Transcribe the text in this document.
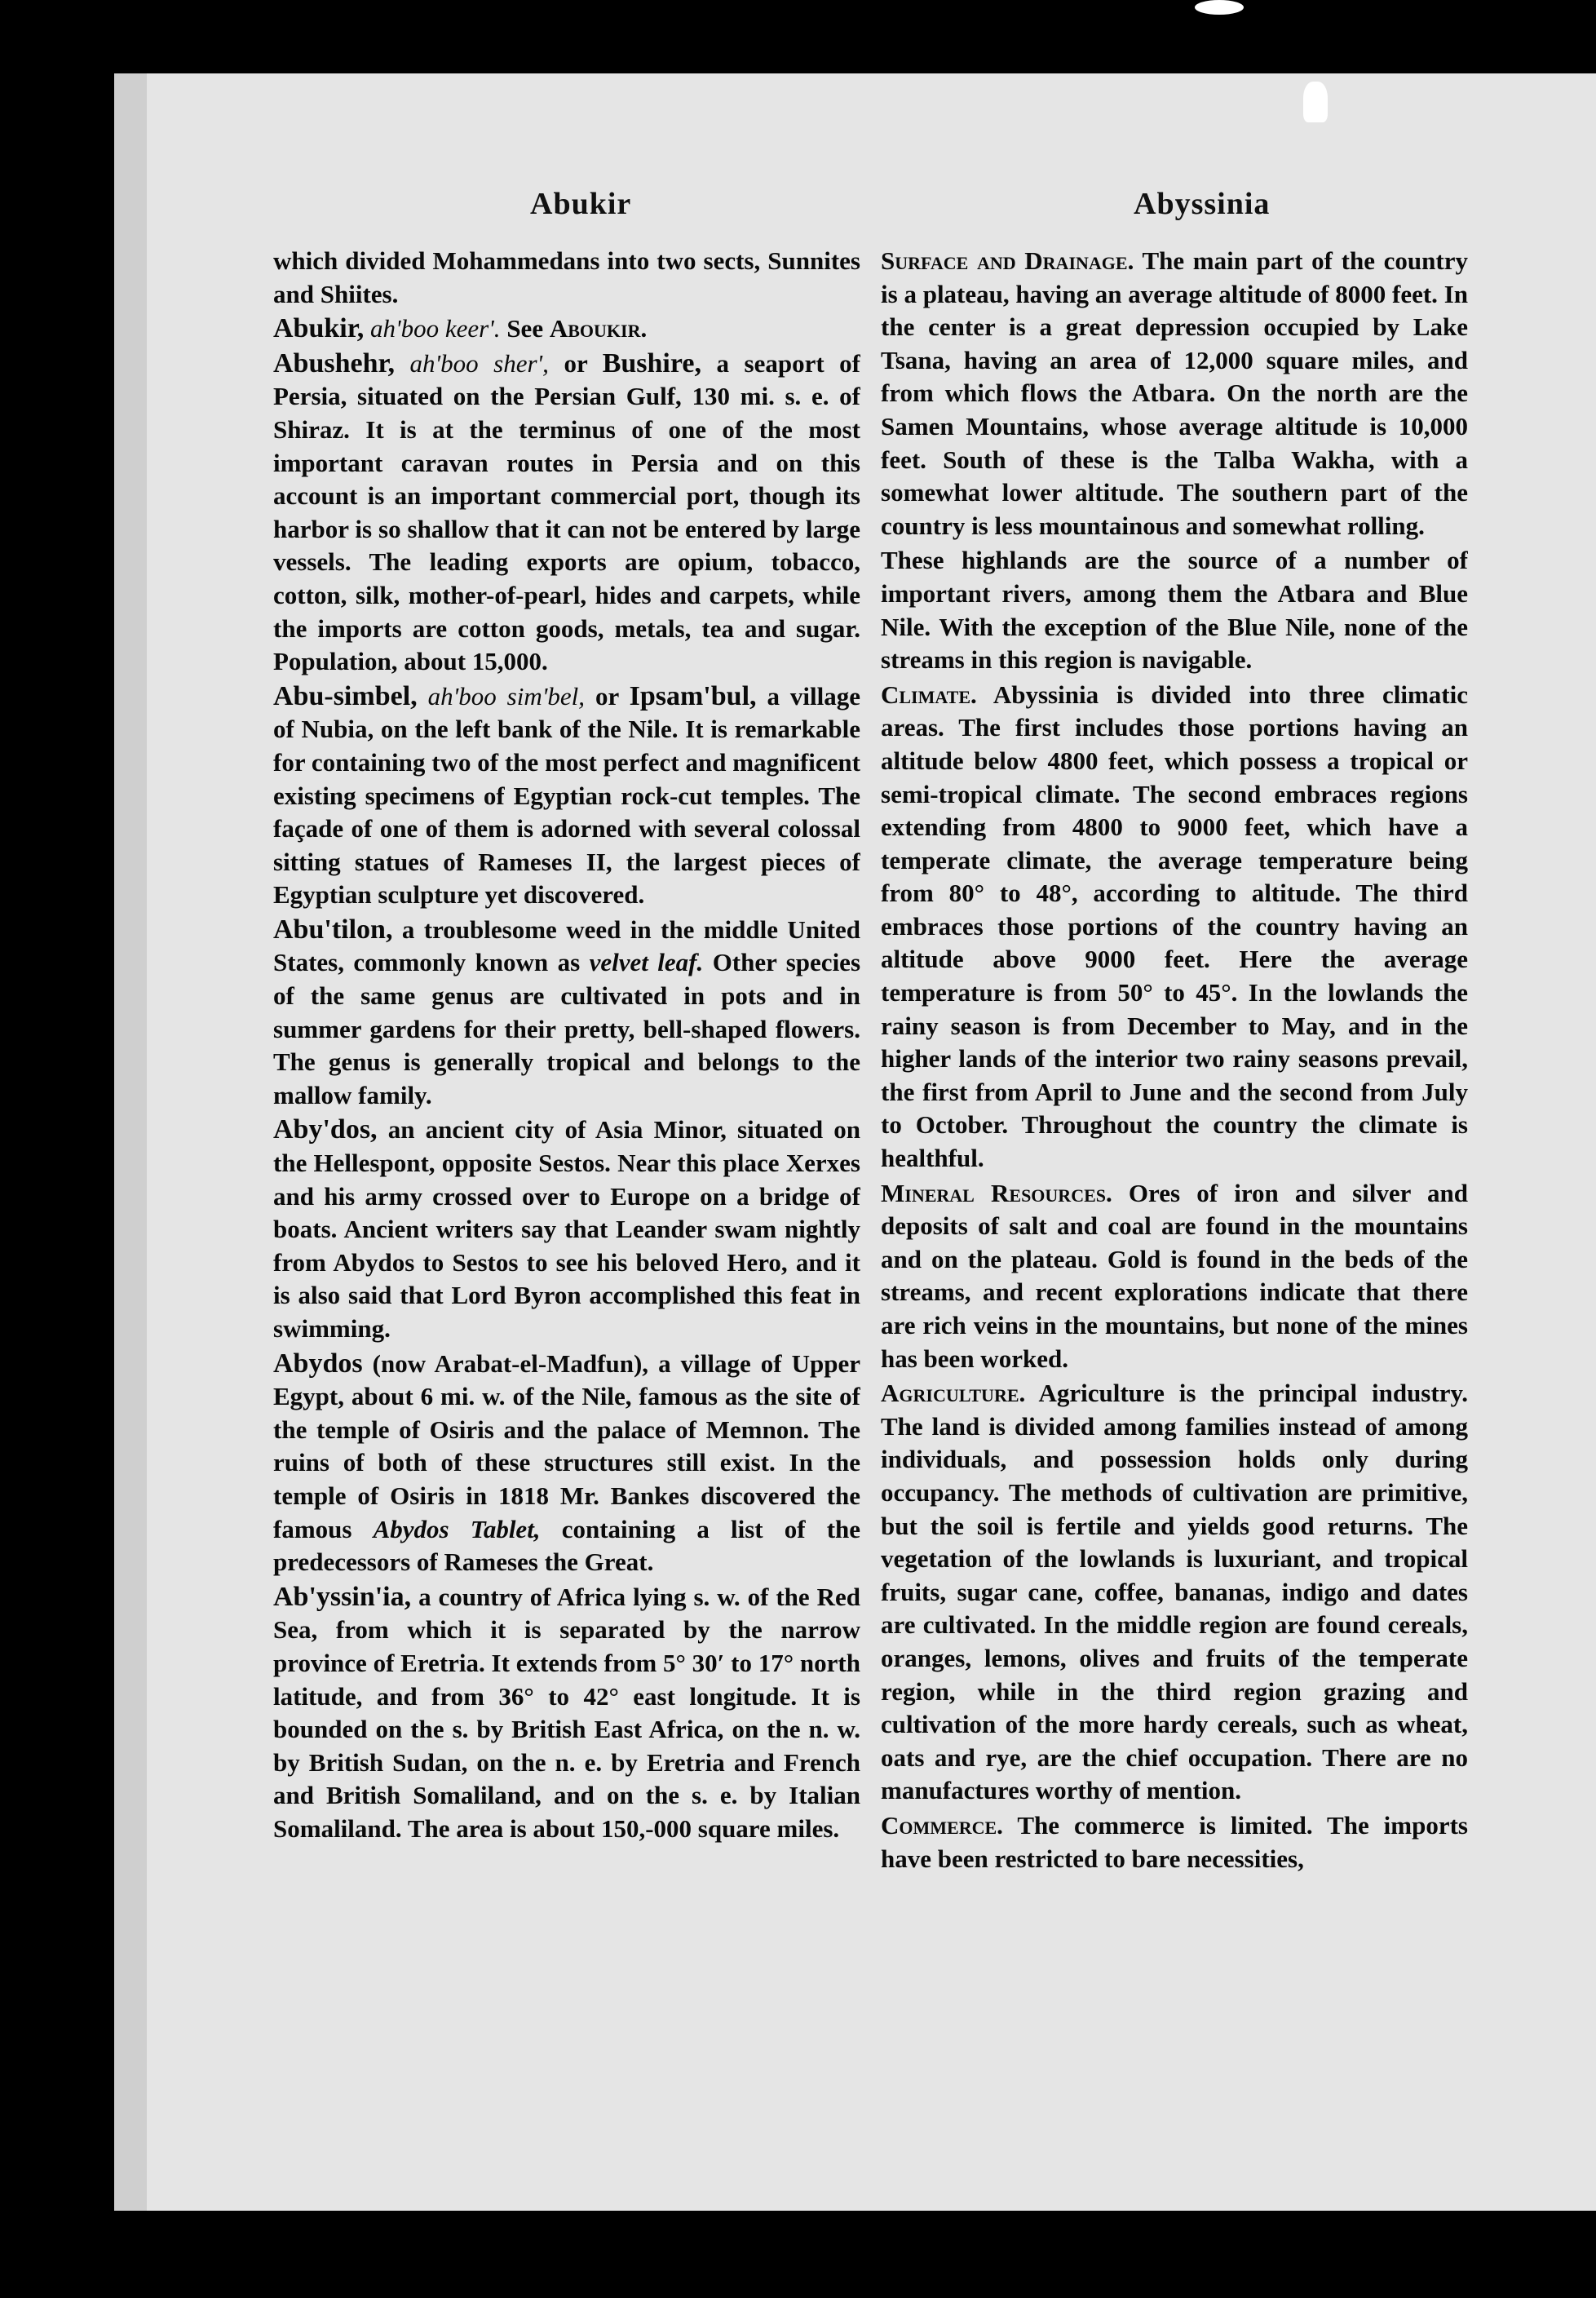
Abukir	Abyssinia

which divided Mohammedans into two sects, Sunnites and Shiites.

Abukir, ah'boo keer'. See Aboukir.

Abushehr, ah'boo sher', or Bushire, a seaport of Persia, situated on the Persian Gulf, 130 mi. s. e. of Shiraz. It is at the terminus of one of the most important caravan routes in Persia and on this account is an important commercial port, though its harbor is so shallow that it can not be entered by large vessels. The leading exports are opium, tobacco, cotton, silk, mother-of-pearl, hides and carpets, while the imports are cotton goods, metals, tea and sugar. Population, about 15,000.

Abu-simbel, ah'boo sim'bel, or Ipsam'bul, a village of Nubia, on the left bank of the Nile. It is remarkable for containing two of the most perfect and magnificent existing specimens of Egyptian rock-cut temples. The façade of one of them is adorned with several colossal sitting statues of Rameses II, the largest pieces of Egyptian sculpture yet discovered.

Abu'tilon, a troublesome weed in the middle United States, commonly known as velvet leaf. Other species of the same genus are cultivated in pots and in summer gardens for their pretty, bell-shaped flowers. The genus is generally tropical and belongs to the mallow family.

Aby'dos, an ancient city of Asia Minor, situated on the Hellespont, opposite Sestos. Near this place Xerxes and his army crossed over to Europe on a bridge of boats. Ancient writers say that Leander swam nightly from Abydos to Sestos to see his beloved Hero, and it is also said that Lord Byron accomplished this feat in swimming.

Abydos (now Arabat-el-Madfun), a village of Upper Egypt, about 6 mi. w. of the Nile, famous as the site of the temple of Osiris and the palace of Memnon. The ruins of both of these structures still exist. In the temple of Osiris in 1818 Mr. Bankes discovered the famous Abydos Tablet, containing a list of the predecessors of Rameses the Great.

Ab'yssin'ia, a country of Africa lying s. w. of the Red Sea, from which it is separated by the narrow province of Eretria. It extends from 5° 30′ to 17° north latitude, and from 36° to 42° east longitude. It is bounded on the s. by British East Africa, on the n. w. by British Sudan, on the n. e. by Eretria and French and British Somaliland, and on the s. e. by Italian Somaliland. The area is about 150,-000 square miles.

Surface and Drainage. The main part of the country is a plateau, having an average altitude of 8000 feet. In the center is a great depression occupied by Lake Tsana, having an area of 12,000 square miles, and from which flows the Atbara. On the north are the Samen Mountains, whose average altitude is 10,000 feet. South of these is the Talba Wakha, with a somewhat lower altitude. The southern part of the country is less mountainous and somewhat rolling.

These highlands are the source of a number of important rivers, among them the Atbara and Blue Nile. With the exception of the Blue Nile, none of the streams in this region is navigable.

Climate. Abyssinia is divided into three climatic areas. The first includes those portions having an altitude below 4800 feet, which possess a tropical or semi-tropical climate. The second embraces regions extending from 4800 to 9000 feet, which have a temperate climate, the average temperature being from 80° to 48°, according to altitude. The third embraces those portions of the country having an altitude above 9000 feet. Here the average temperature is from 50° to 45°. In the lowlands the rainy season is from December to May, and in the higher lands of the interior two rainy seasons prevail, the first from April to June and the second from July to October. Throughout the country the climate is healthful.

Mineral Resources. Ores of iron and silver and deposits of salt and coal are found in the mountains and on the plateau. Gold is found in the beds of the streams, and recent explorations indicate that there are rich veins in the mountains, but none of the mines has been worked.

Agriculture. Agriculture is the principal industry. The land is divided among families instead of among individuals, and possession holds only during occupancy. The methods of cultivation are primitive, but the soil is fertile and yields good returns. The vegetation of the lowlands is luxuriant, and tropical fruits, sugar cane, coffee, bananas, indigo and dates are cultivated. In the middle region are found cereals, oranges, lemons, olives and fruits of the temperate region, while in the third region grazing and cultivation of the more hardy cereals, such as wheat, oats and rye, are the chief occupation. There are no manufactures worthy of mention.

Commerce. The commerce is limited. The imports have been restricted to bare necessities,
